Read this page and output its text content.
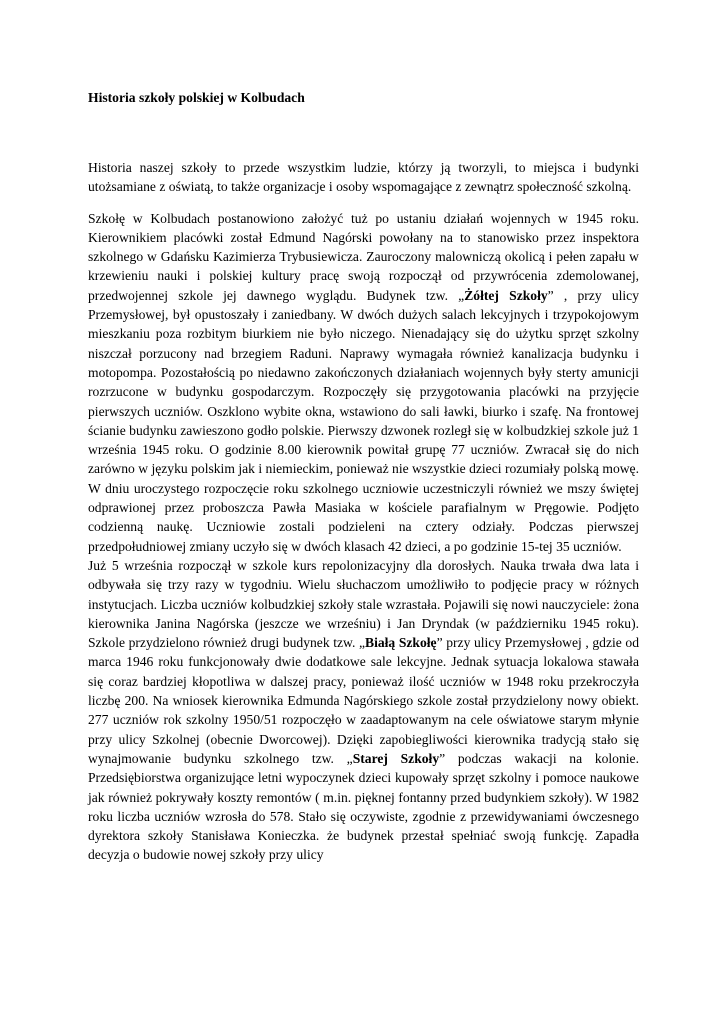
Historia szkoły polskiej w Kolbudach

Historia naszej szkoły to przede wszystkim ludzie, którzy ją tworzyli, to miejsca i budynki utożsamiane z oświatą, to także organizacje i osoby wspomagające z zewnątrz społeczność szkolną.

Szkołę w Kolbudach postanowiono założyć tuż po ustaniu działań wojennych w 1945 roku. Kierownikiem placówki został Edmund Nagórski powołany na to stanowisko przez inspektora szkolnego w Gdańsku Kazimierza Trybusiewicza. Zauroczony malowniczą okolicą i pełen zapału w krzewieniu nauki i polskiej kultury pracę swoją rozpoczął od przywrócenia zdemolowanej, przedwojennej szkole jej dawnego wyglądu. Budynek tzw. „Żółtej Szkoły” , przy ulicy Przemysłowej, był opustoszały i zaniedbany. W dwóch dużych salach lekcyjnych i trzypokojowym mieszkaniu poza rozbitym biurkiem nie było niczego. Nienadający się do użytku sprzęt szkolny niszczał porzucony nad brzegiem Raduni. Naprawy wymagała również kanalizacja budynku i motopompa. Pozostałością po niedawno zakończonych działaniach wojennych były sterty amunicji rozrzucone w budynku gospodarczym. Rozpoczęły się przygotowania placówki na przyjęcie pierwszych uczniów. Oszklono wybite okna, wstawiono do sali ławki, biurko i szafę. Na frontowej ścianie budynku zawieszono godło polskie. Pierwszy dzwonek rozległ się w kolbudzkiej szkole już 1 września 1945 roku. O godzinie 8.00 kierownik powitał grupę 77 uczniów. Zwracał się do nich zarówno w języku polskim jak i niemieckim, ponieważ nie wszystkie dzieci rozumiały polską mowę. W dniu uroczystego rozpoczęcie roku szkolnego uczniowie uczestniczyli również we mszy świętej odprawionej przez proboszcza Pawła Masiaka w kościele parafialnym w Pręgowie. Podjęto codzienną naukę. Uczniowie zostali podzieleni na cztery odziały. Podczas pierwszej przedpołudniowej zmiany uczyło się w dwóch klasach 42 dzieci, a po godzinie 15-tej 35 uczniów.

Już 5 września rozpoczął w szkole kurs repolonizacyjny dla dorosłych. Nauka trwała dwa lata i odbywała się trzy razy w tygodniu. Wielu słuchaczom umożliwiło to podjęcie pracy w różnych instytucjach. Liczba uczniów kolbudzkiej szkoły stale wzrastała. Pojawili się nowi nauczyciele: żona kierownika Janina Nagórska (jeszcze we wrześniu) i Jan Dryndak (w październiku 1945 roku). Szkole przydzielono również drugi budynek tzw. „Białą Szkołę” przy ulicy Przemysłowej , gdzie od marca 1946 roku funkcjonowały dwie dodatkowe sale lekcyjne. Jednak sytuacja lokalowa stawała się coraz bardziej kłopotliwa w dalszej pracy, ponieważ ilość uczniów w 1948 roku przekroczyła liczbę 200. Na wniosek kierownika Edmunda Nagórskiego szkole został przydzielony nowy obiekt. 277 uczniów rok szkolny 1950/51 rozpoczęło w zaadaptowanym na cele oświatowe starym młynie przy ulicy Szkolnej (obecnie Dworcowej). Dzięki zapobiegliwości kierownika tradycją stało się wynajmowanie budynku szkolnego tzw. „Starej Szkoły” podczas wakacji na kolonie. Przedsiębiorstwa organizujące letni wypoczynek dzieci kupowały sprzęt szkolny i pomoce naukowe jak również pokrywały koszty remontów ( m.in. pięknej fontanny przed budynkiem szkoły). W 1982 roku liczba uczniów wzrosła do 578. Stało się oczywiste, zgodnie z przewidywaniami ówczesnego dyrektora szkoły Stanisława Konieczka. że budynek przestał spełniać swoją funkcję. Zapadła decyzja o budowie nowej szkoły przy ulicy
